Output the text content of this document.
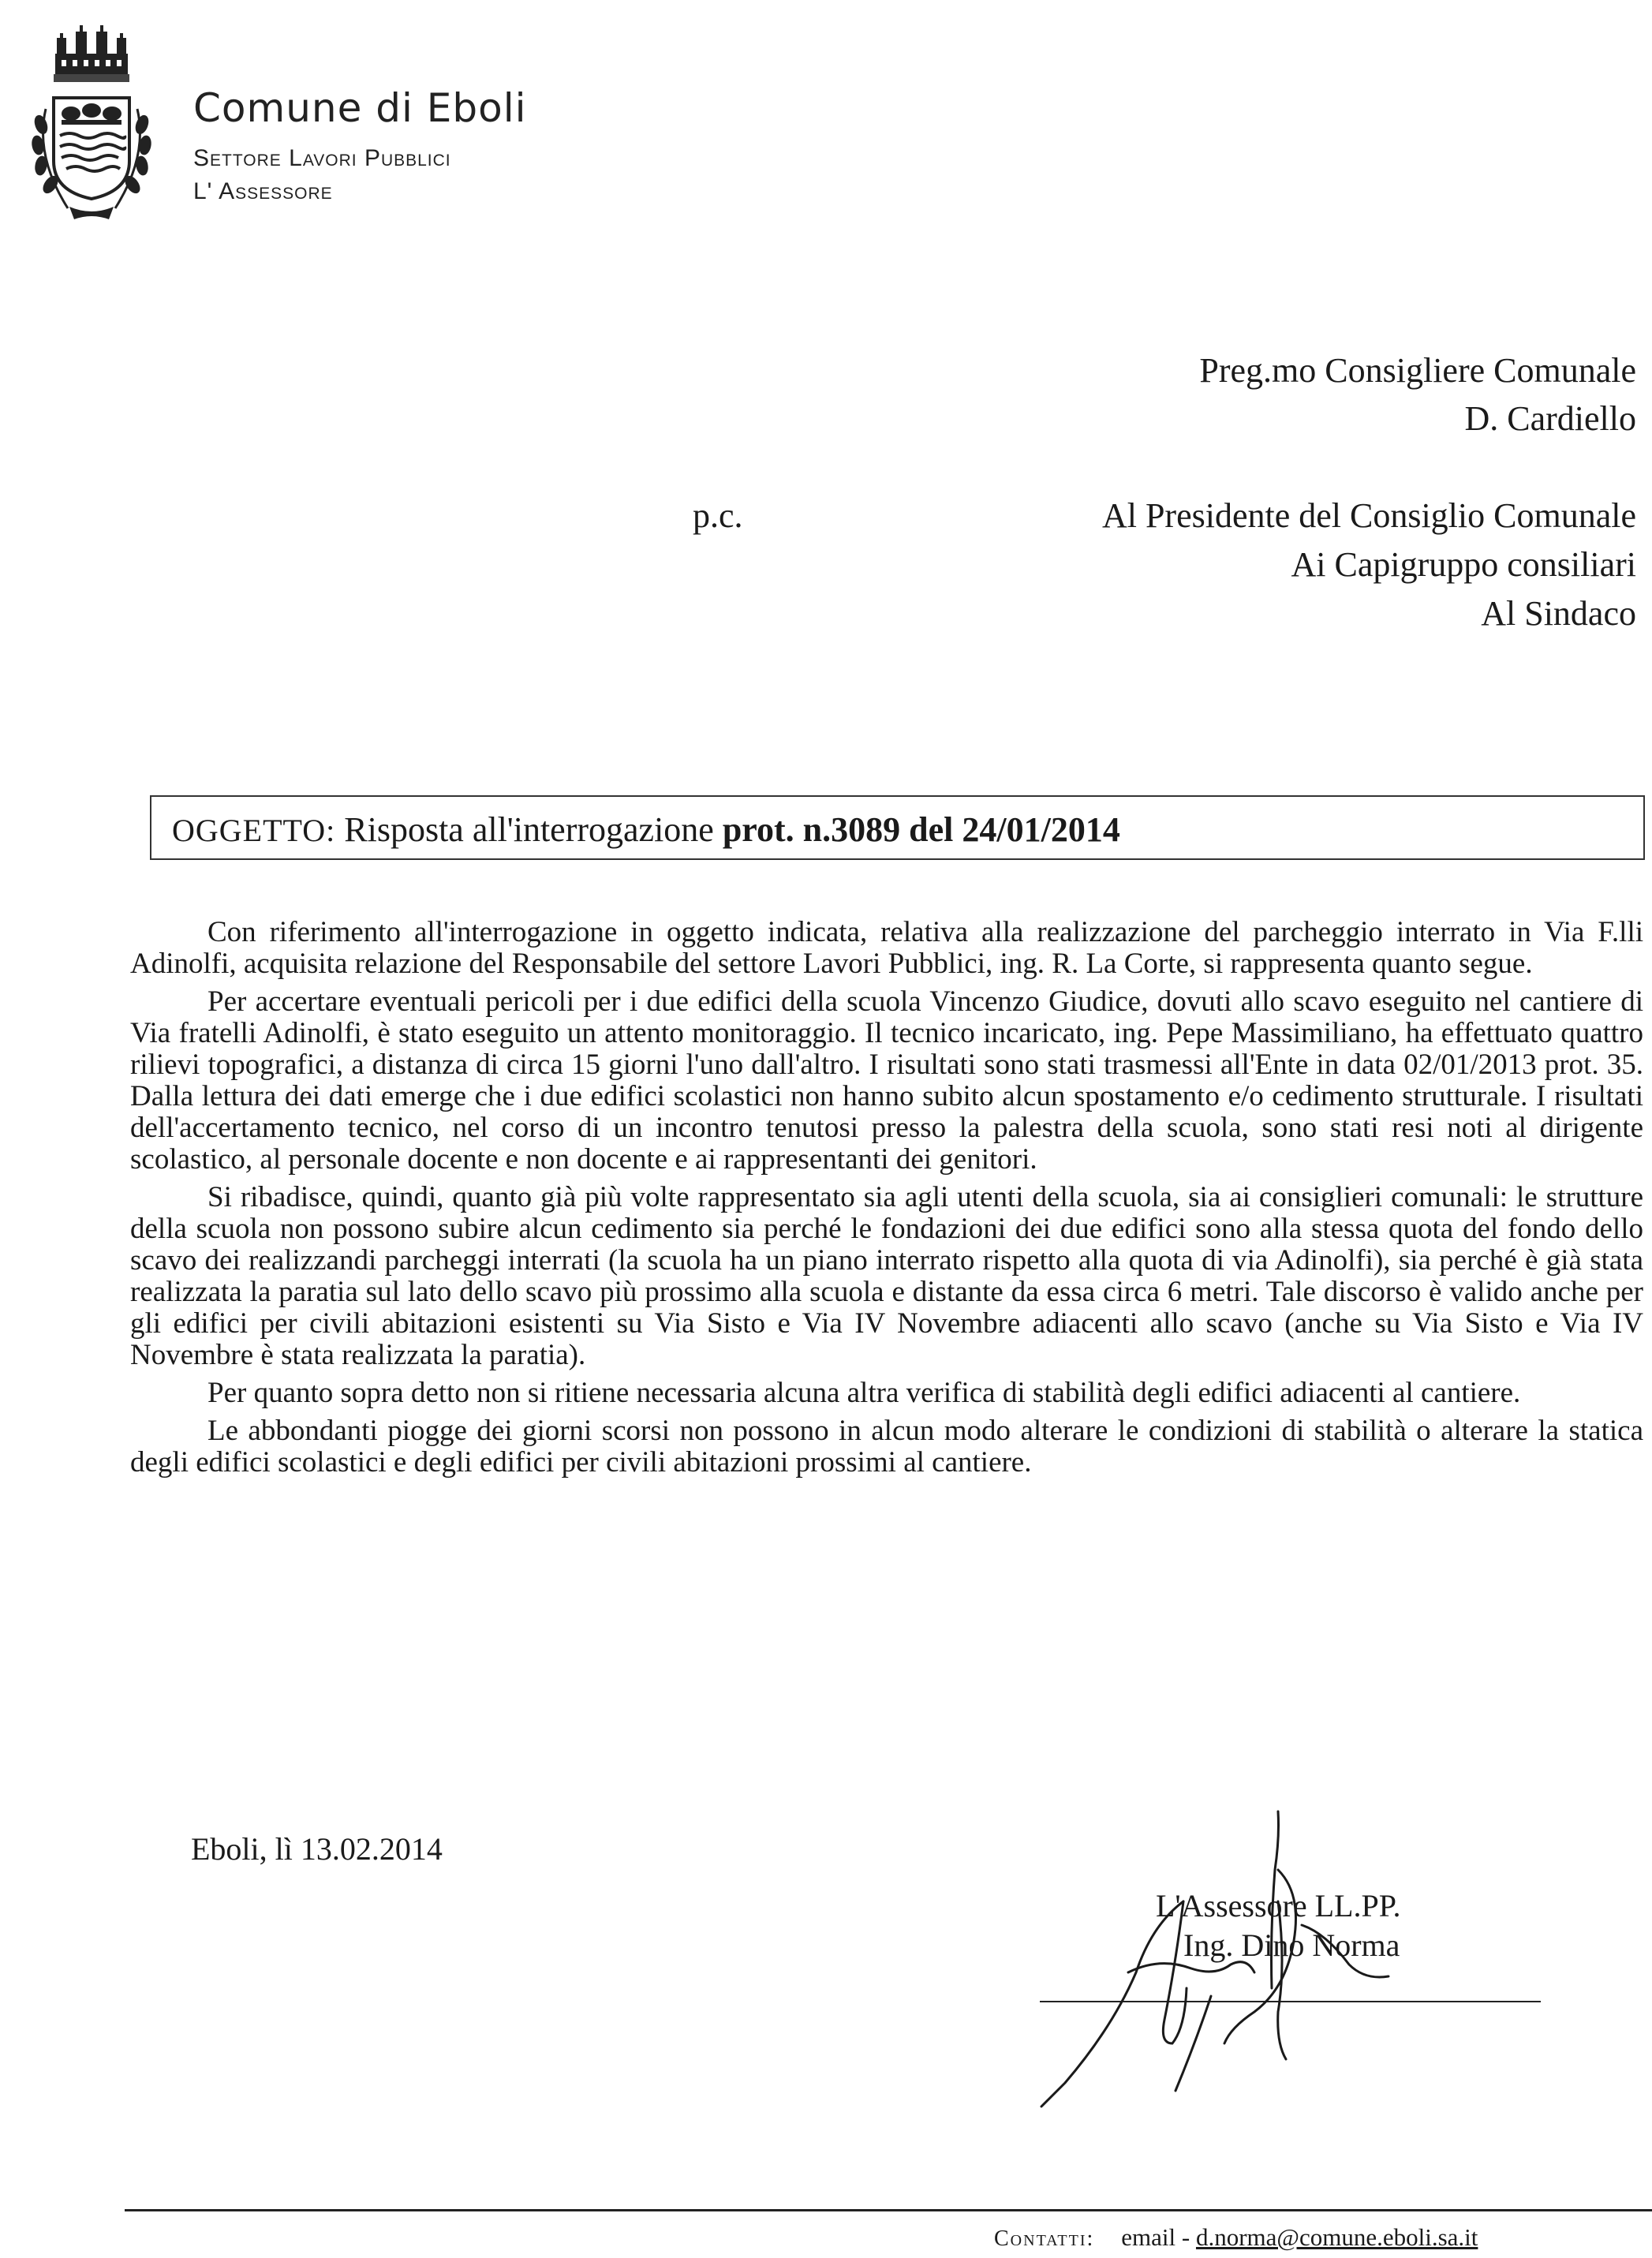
Comune di Eboli
Settore Lavori Pubblici
L' Assessore
Preg.mo Consigliere Comunale
D. Cardiello
p.c.	Al Presidente del Consiglio Comunale
Ai Capigruppo consiliari
Al Sindaco
OGGETTO: Risposta all'interrogazione prot. n.3089 del 24/01/2014

Con riferimento all'interrogazione in oggetto indicata, relativa alla realizzazione del parcheggio interrato in Via F.lli Adinolfi, acquisita relazione del Responsabile del settore Lavori Pubblici, ing. R. La Corte, si rappresenta quanto segue.

Per accertare eventuali pericoli per i due edifici della scuola Vincenzo Giudice, dovuti allo scavo eseguito nel cantiere di Via fratelli Adinolfi, è stato eseguito un attento monitoraggio. Il tecnico incaricato, ing. Pepe Massimiliano, ha effettuato quattro rilievi topografici, a distanza di circa 15 giorni l'uno dall'altro. I risultati sono stati trasmessi all'Ente in data 02/01/2013 prot. 35. Dalla lettura dei dati emerge che i due edifici scolastici non hanno subito alcun spostamento e/o cedimento strutturale. I risultati dell'accertamento tecnico, nel corso di un incontro tenutosi presso la palestra della scuola, sono stati resi noti al dirigente scolastico, al personale docente e non docente e ai rappresentanti dei genitori.

Si ribadisce, quindi, quanto già più volte rappresentato sia agli utenti della scuola, sia ai consiglieri comunali: le strutture della scuola non possono subire alcun cedimento sia perché le fondazioni dei due edifici sono alla stessa quota del fondo dello scavo dei realizzandi parcheggi interrati (la scuola ha un piano interrato rispetto alla quota di via Adinolfi), sia perché è già stata realizzata la paratia sul lato dello scavo più prossimo alla scuola e distante da essa circa 6 metri. Tale discorso è valido anche per gli edifici per civili abitazioni esistenti su Via Sisto e Via IV Novembre adiacenti allo scavo (anche su Via Sisto e Via IV Novembre è stata realizzata la paratia).

Per quanto sopra detto non si ritiene necessaria alcuna altra verifica di stabilità degli edifici adiacenti al cantiere.

Le abbondanti piogge dei giorni scorsi non possono in alcun modo alterare le condizioni di stabilità o alterare la statica degli edifici scolastici e degli edifici per civili abitazioni prossimi al cantiere.

Eboli, lì 13.02.2014
L'Assessore LL.PP.
Ing. Dino Norma
Contatti: email - d.norma@comune.eboli.sa.it
